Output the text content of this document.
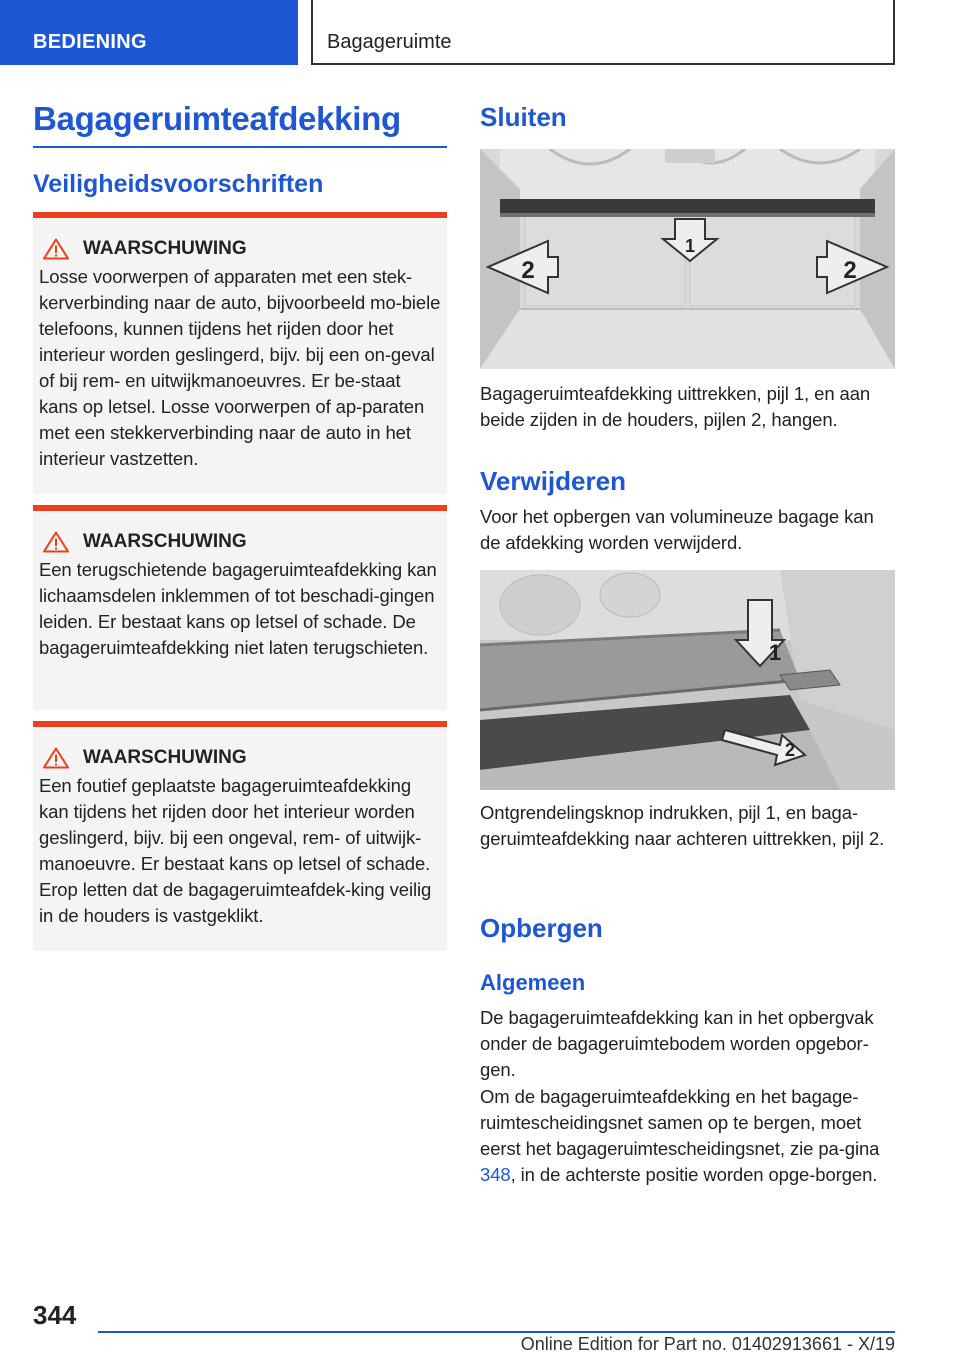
BEDIENING	Bagageruimte
Bagageruimteafdekking
Veiligheidsvoorschriften
WAARSCHUWING
Losse voorwerpen of apparaten met een stek-kerverbinding naar de auto, bijvoorbeeld mo-biele telefoons, kunnen tijdens het rijden door het interieur worden geslingerd, bijv. bij een on-geval of bij rem- en uitwijkmanoeuvres. Er be-staat kans op letsel. Losse voorwerpen of ap-paraten met een stekkerverbinding naar de auto in het interieur vastzetten.
WAARSCHUWING
Een terugschietende bagageruimteafdekking kan lichaamsdelen inklemmen of tot beschadi-gingen leiden. Er bestaat kans op letsel of schade. De bagageruimteafdekking niet laten terugschieten.
WAARSCHUWING
Een foutief geplaatste bagageruimteafdekking kan tijdens het rijden door het interieur worden geslingerd, bijv. bij een ongeval, rem- of uitwijk-manoeuvre. Er bestaat kans op letsel of schade. Erop letten dat de bagageruimteafdek-king veilig in de houders is vastgeklikt.
Sluiten
1
2	2
Bagageruimteafdekking uittrekken, pijl 1, en aan beide zijden in de houders, pijlen 2, hangen.
Verwijderen
Voor het opbergen van volumineuze bagage kan de afdekking worden verwijderd.
1
2
Ontgrendelingsknop indrukken, pijl 1, en baga-geruimteafdekking naar achteren uittrekken, pijl 2.
Opbergen
Algemeen
De bagageruimteafdekking kan in het opbergvak onder de bagageruimtebodem worden opgebor-gen.
Om de bagageruimteafdekking en het bagage-ruimtescheidingsnet samen op te bergen, moet eerst het bagageruimtescheidingsnet, zie pa-gina 348, in de achterste positie worden opge-borgen.
344
Online Edition for Part no. 01402913661 - X/19
